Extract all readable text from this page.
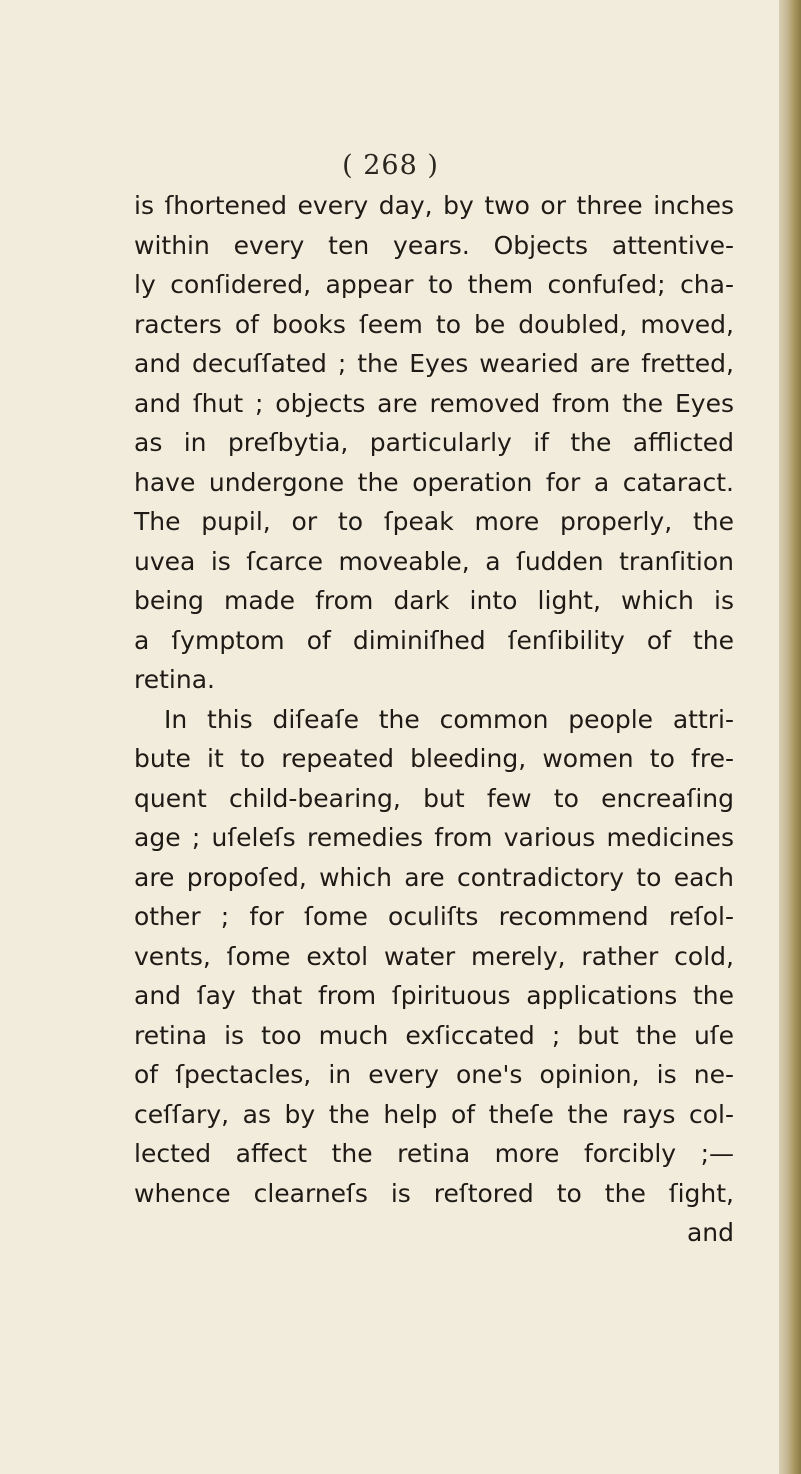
( 268 )
is ſhortened every day, by two or three inches
within every ten years. Objects attentive-
ly conſidered, appear to them confuſed; cha-
racters of books ſeem to be doubled, moved,
and decuſſated ; the Eyes wearied are fretted,
and ſhut ; objects are removed from the Eyes
as in preſbytia, particularly if the afflicted
have undergone the operation for a cataract.
The pupil, or to ſpeak more properly, the
uvea is ſcarce moveable, a ſudden tranſition
being made from dark into light, which is
a ſymptom of diminiſhed ſenſibility of the
retina.
In this diſeaſe the common people attri-
bute it to repeated bleeding, women to fre-
quent child-bearing, but few to encreaſing
age ; uſeleſs remedies from various medicines
are propoſed, which are contradictory to each
other ; for ſome oculiſts recommend reſol-
vents, ſome extol water merely, rather cold,
and ſay that from ſpirituous applications the
retina is too much exſiccated ; but the uſe
of ſpectacles, in every one's opinion, is ne-
ceſſary, as by the help of theſe the rays col-
lected affect the retina more forcibly ;—
whence clearneſs is reſtored to the ſight,
and
